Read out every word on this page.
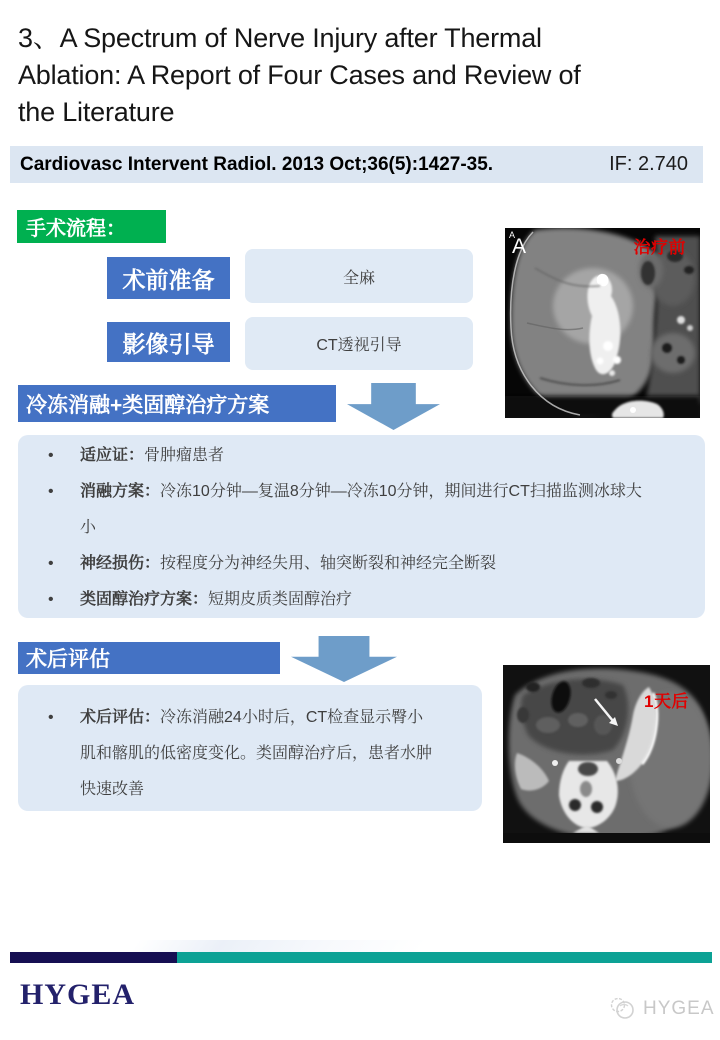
3、A Spectrum of Nerve Injury after Thermal
Ablation: A Report of Four Cases and Review of
the Literature
Cardiovasc Intervent Radiol. 2013 Oct;36(5):1427-35.	IF: 2.740
手术流程：
术前准备	全麻
影像引导	CT透视引导
冷冻消融+类固醇治疗方案
• 适应证：骨肿瘤患者
• 消融方案：冷冻10分钟—复温8分钟—冷冻10分钟，期间进行CT扫描监测冰球大小
• 神经损伤：按程度分为神经失用、轴突断裂和神经完全断裂
• 类固醇治疗方案：短期皮质类固醇治疗
术后评估
• 术后评估：冷冻消融24小时后，CT检查显示臀小肌和髂肌的低密度变化。类固醇治疗后，患者水肿快速改善
A
A	治疗前
1天后
HYGEA	HYGEA
